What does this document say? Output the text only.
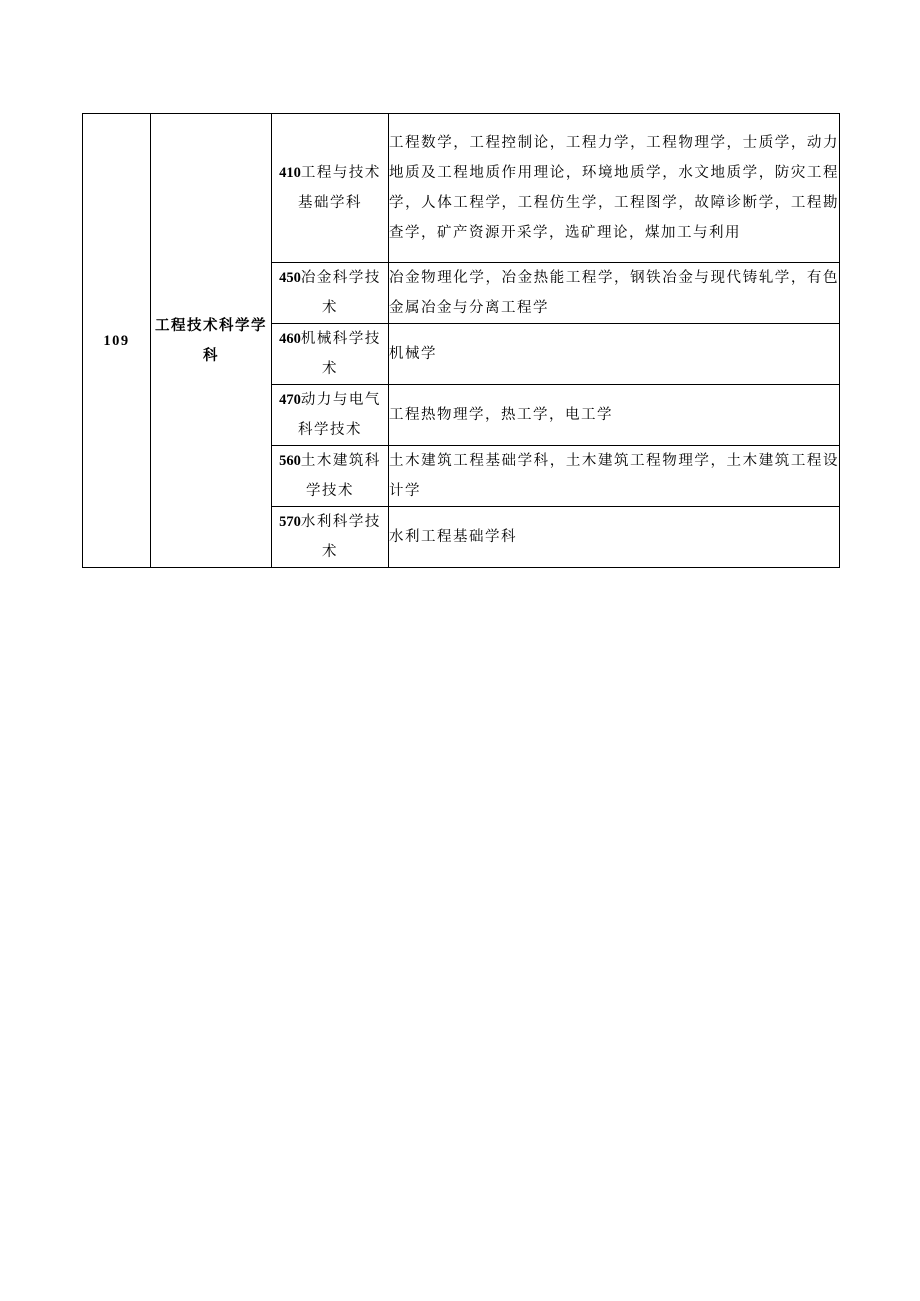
109	工程技术科学学科	410工程与技术基础学科	工程数学，工程控制论，工程力学，工程物理学，士质学，动力地质及工程地质作用理论，环境地质学，水文地质学，防灾工程学，人体工程学，工程仿生学，工程图学，故障诊断学，工程勘查学，矿产资源开采学，选矿理论，煤加工与利用
		450冶金科学技术	冶金物理化学，冶金热能工程学，钢铁冶金与现代铸轧学，有色金属冶金与分离工程学
		460机械科学技术	机械学
		470动力与电气科学技术	工程热物理学，热工学，电工学
		560土木建筑科学技术	土木建筑工程基础学科，土木建筑工程物理学，土木建筑工程设计学
		570水利科学技术	水利工程基础学科
